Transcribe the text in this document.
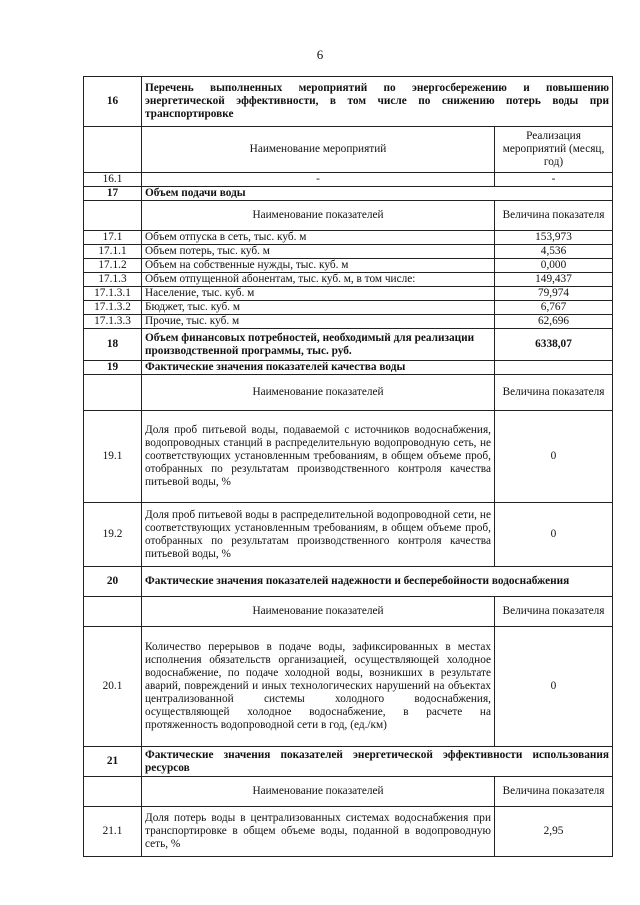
6
16	Перечень выполненных мероприятий по энергосбережению и повышению энергетической эффективности, в том числе по снижению потерь воды при транспортировке	
	Наименование мероприятий	Реализация мероприятий (месяц, год)
16.1	-	-
17	Объем подачи воды	
	Наименование показателей	Величина показателя
17.1	Объем отпуска в сеть, тыс. куб. м	153,973
17.1.1	Объем потерь, тыс. куб. м	4,536
17.1.2	Объем на собственные нужды, тыс. куб. м	0,000
17.1.3	Объем отпущенной абонентам, тыс. куб. м, в том числе:	149,437
17.1.3.1	Население, тыс. куб. м	79,974
17.1.3.2	Бюджет, тыс. куб. м	6,767
17.1.3.3	Прочие, тыс. куб. м	62,696
18	Объем финансовых потребностей, необходимый для реализации производственной программы, тыс. руб.	6338,07
19	Фактические значения показателей качества воды	
	Наименование показателей	Величина показателя
19.1	Доля проб питьевой воды, подаваемой с источников водоснабжения, водопроводных станций в распределительную водопроводную сеть, не соответствующих установленным требованиям, в общем объеме проб, отобранных по результатам производственного контроля качества питьевой воды, %	0
19.2	Доля проб питьевой воды в распределительной водопроводной сети, не соответствующих установленным требованиям, в общем объеме проб, отобранных по результатам производственного контроля качества питьевой воды, %	0
20	Фактические значения показателей надежности и бесперебойности водоснабжения	
	Наименование показателей	Величина показателя
20.1	Количество перерывов в подаче воды, зафиксированных в местах исполнения обязательств организацией, осуществляющей холодное водоснабжение, по подаче холодной воды, возникших в результате аварий, повреждений и иных технологических нарушений на объектах централизованной системы холодного водоснабжения, осуществляющей холодное водоснабжение, в расчете на протяженность водопроводной сети в год, (ед./км)	0
21	Фактические значения показателей энергетической эффективности использования ресурсов	
	Наименование показателей	Величина показателя
21.1	Доля потерь воды в централизованных системах водоснабжения при транспортировке в общем объеме воды, поданной в водопроводную сеть, %	2,95
